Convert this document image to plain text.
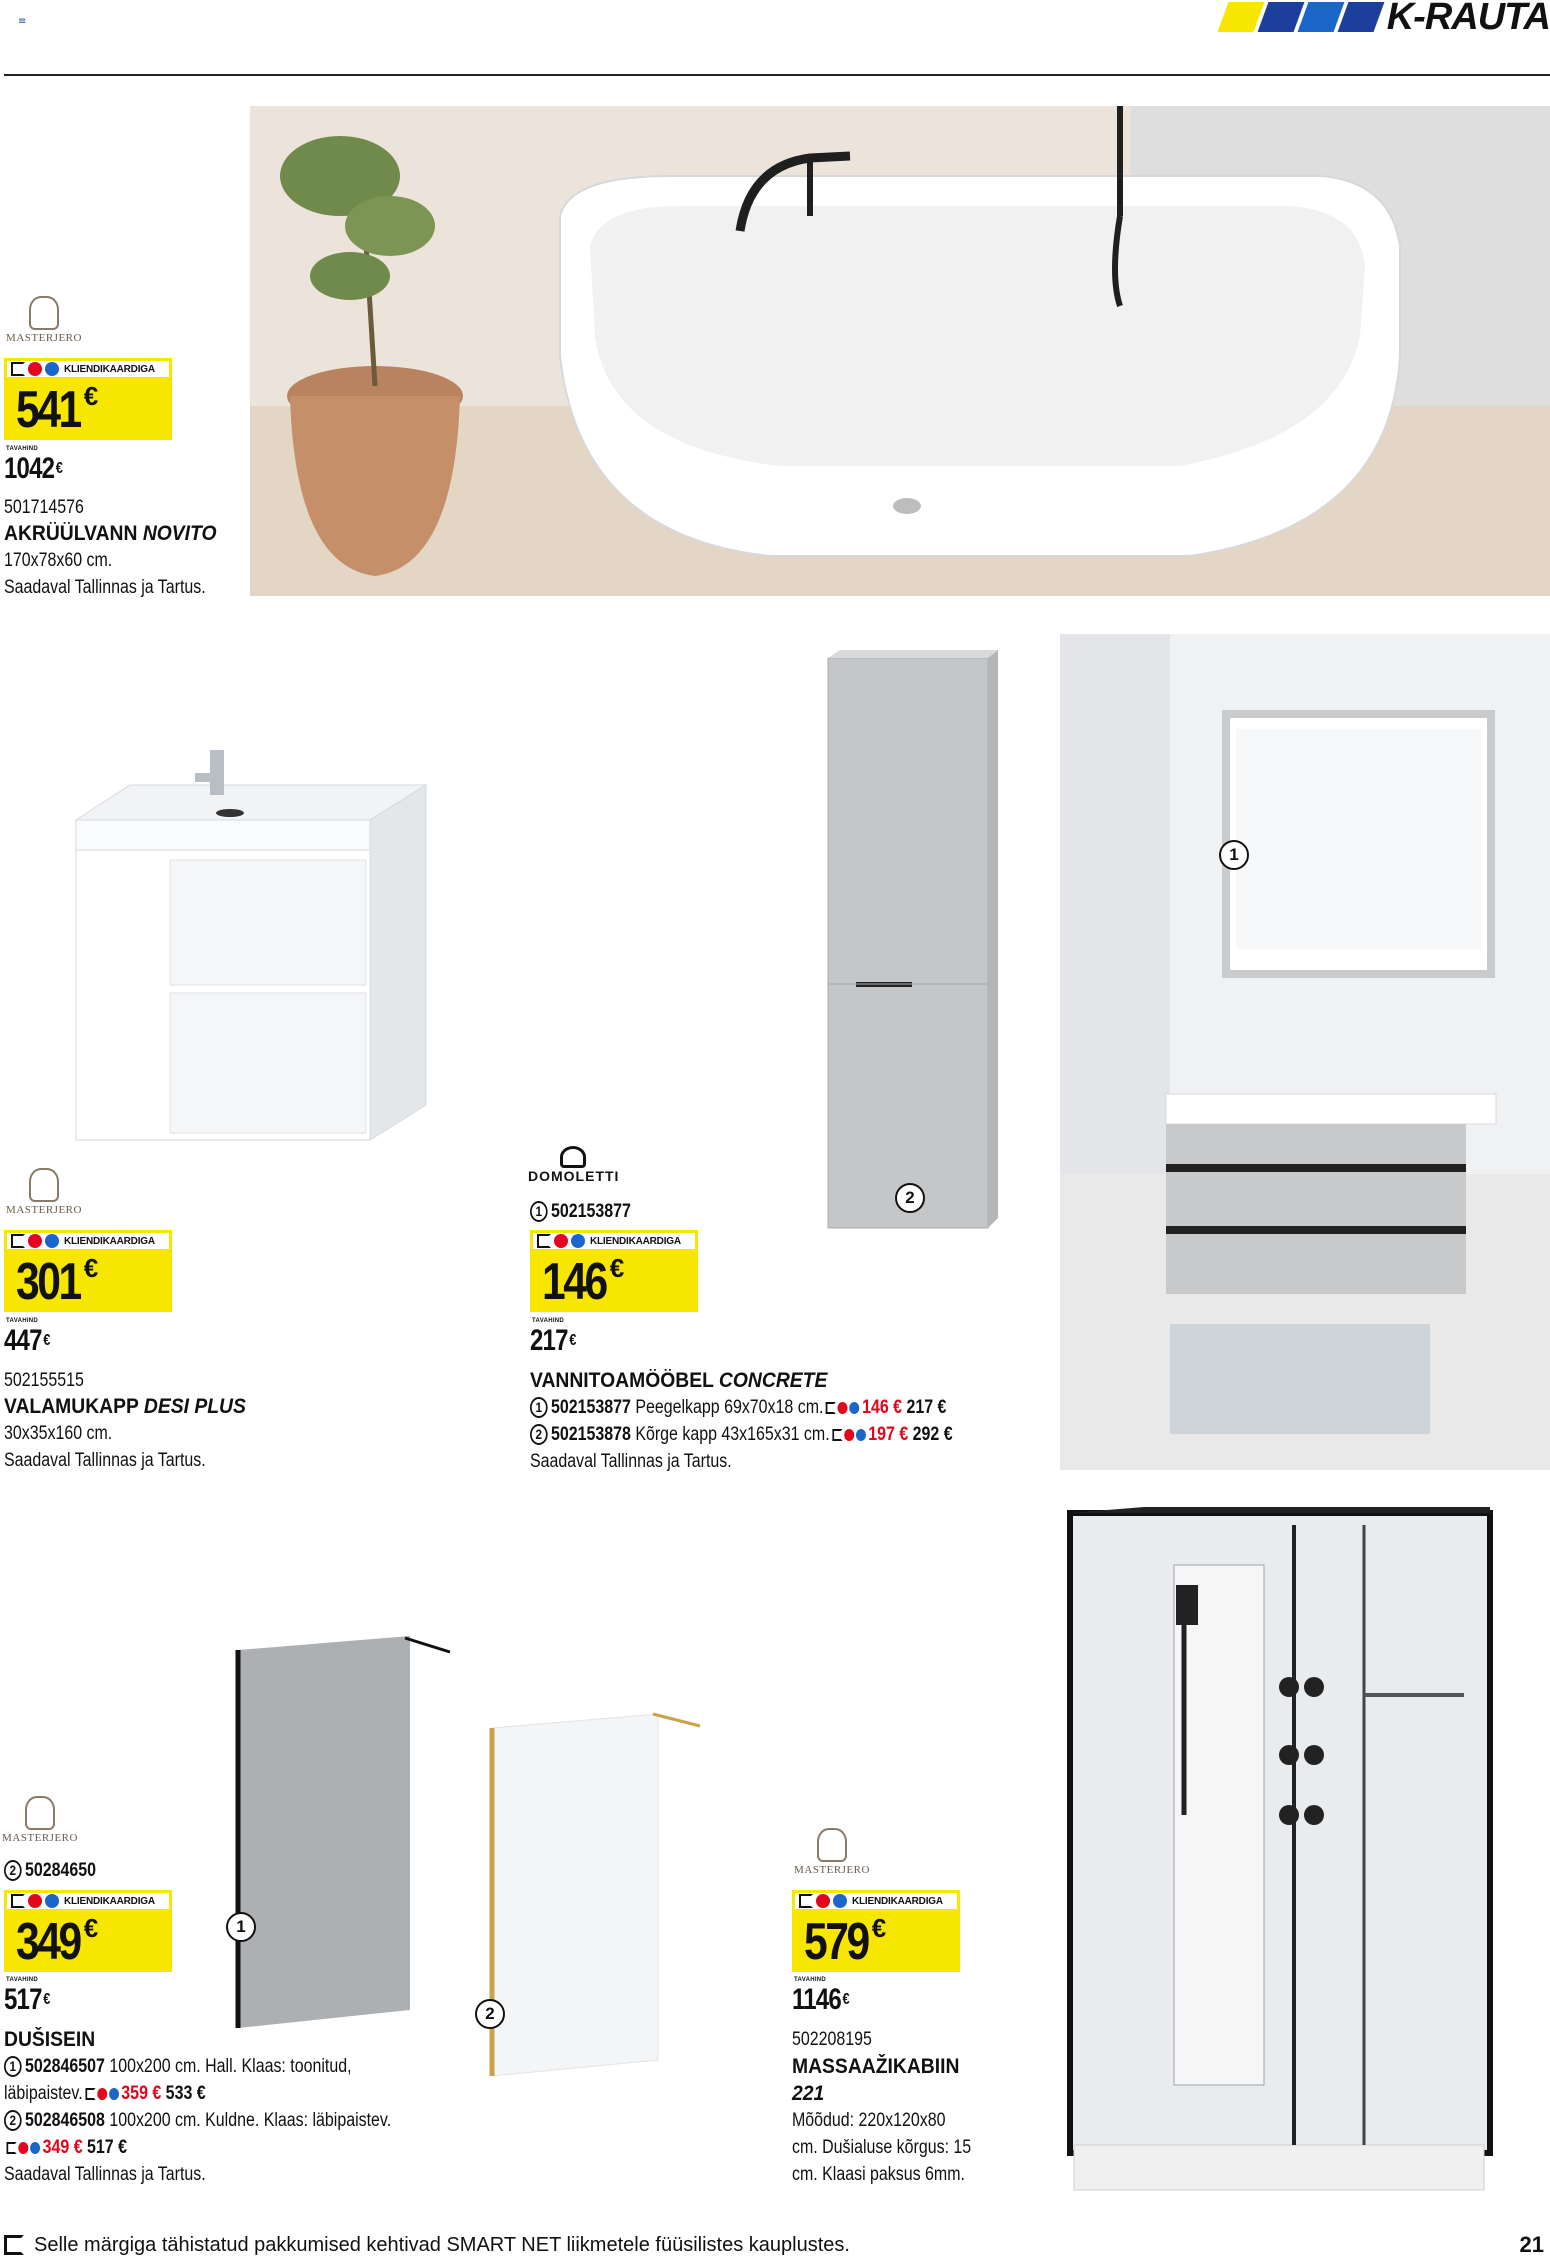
≡	K-RAUTA
MASTERJERO
KLIENDIKAARDIGA
541 €
TAVAHIND
1042€
501714576
AKRÜÜLVANN NOVITO
170x78x60 cm.
Saadaval Tallinnas ja Tartus.
2
1
MASTERJERO
KLIENDIKAARDIGA
301 €
TAVAHIND
447€
502155515
VALAMUKAPP DESI PLUS
30x35x160 cm.
Saadaval Tallinnas ja Tartus.
DOMOLETTI
1 502153877
KLIENDIKAARDIGA
146 €
TAVAHIND
217€
VANNITOAMÖÖBEL CONCRETE
1 502153877 Peegelkapp 69x70x18 cm. 146 € 217 €
2 502153878 Kõrge kapp 43x165x31 cm. 197 € 292 €
Saadaval Tallinnas ja Tartus.
1
2
MASTERJERO
2 50284650
KLIENDIKAARDIGA
349 €
TAVAHIND
517€
DUŠISEIN
1 502846507 100x200 cm. Hall. Klaas: toonitud,
läbipaistev. 359 € 533 €
2 502846508 100x200 cm. Kuldne. Klaas: läbipaistev.
349 € 517 €
Saadaval Tallinnas ja Tartus.
MASTERJERO
KLIENDIKAARDIGA
579 €
TAVAHIND
1146€
502208195
MASSAAŽIKABIIN
221
Mõõdud: 220x120x80
cm. Dušialuse kõrgus: 15
cm. Klaasi paksus 6mm.
Selle märgiga tähistatud pakkumised kehtivad SMART NET liikmetele füüsilistes kauplustes.	21
